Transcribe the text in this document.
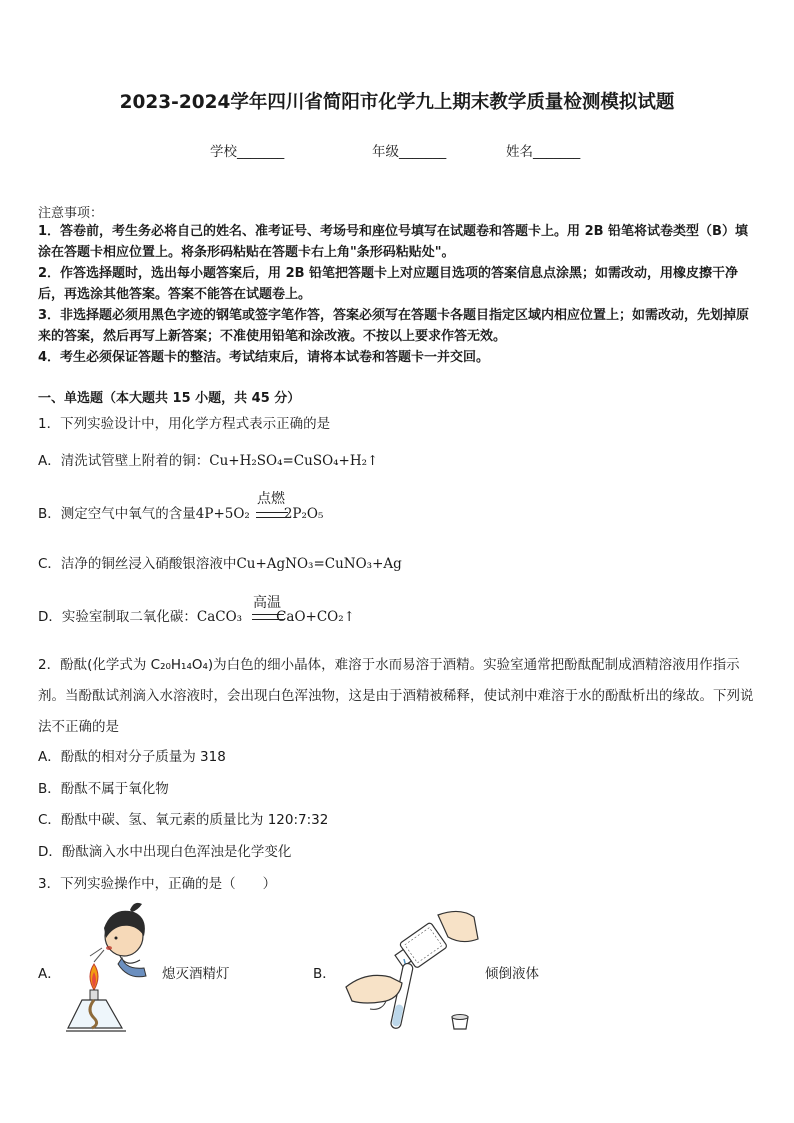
2023-2024学年四川省简阳市化学九上期末教学质量检测模拟试题
学校_______	年级_______	姓名_______
注意事项：
1．答卷前，考生务必将自己的姓名、准考证号、考场号和座位号填写在试题卷和答题卡上。用 2B 铅笔将试卷类型（B）填涂在答题卡相应位置上。将条形码粘贴在答题卡右上角"条形码粘贴处"。
2．作答选择题时，选出每小题答案后，用 2B 铅笔把答题卡上对应题目选项的答案信息点涂黑；如需改动，用橡皮擦干净后，再选涂其他答案。答案不能答在试题卷上。
3．非选择题必须用黑色字迹的钢笔或签字笔作答，答案必须写在答题卡各题目指定区域内相应位置上；如需改动，先划掉原来的答案，然后再写上新答案；不准使用铅笔和涂改液。不按以上要求作答无效。
4．考生必须保证答题卡的整洁。考试结束后，请将本试卷和答题卡一并交回。
一、单选题（本大题共 15 小题，共 45 分）
1．下列实验设计中，用化学方程式表示正确的是
A．清洗试管壁上附着的铜：Cu+H₂SO₄=CuSO₄+H₂↑
B．测定空气中氧气的含量4P+5O₂	2P₂O₅
点燃
C．洁净的铜丝浸入硝酸银溶液中Cu+AgNO₃=CuNO₃+Ag
D．实验室制取二氧化碳：CaCO₃	CaO+CO₂↑
高温
2．酚酞(化学式为 C₂₀H₁₄O₄)为白色的细小晶体，难溶于水而易溶于酒精。实验室通常把酚酞配制成酒精溶液用作指示剂。当酚酞试剂滴入水溶液时，会出现白色浑浊物，这是由于酒精被稀释，使试剂中难溶于水的酚酞析出的缘故。下列说法不正确的是
A．酚酞的相对分子质量为 318
B．酚酞不属于氧化物
C．酚酞中碳、氢、氧元素的质量比为 120:7:32
D．酚酞滴入水中出现白色浑浊是化学变化
3．下列实验操作中，正确的是（　　）
A．	熄灭酒精灯	B．	倾倒液体
